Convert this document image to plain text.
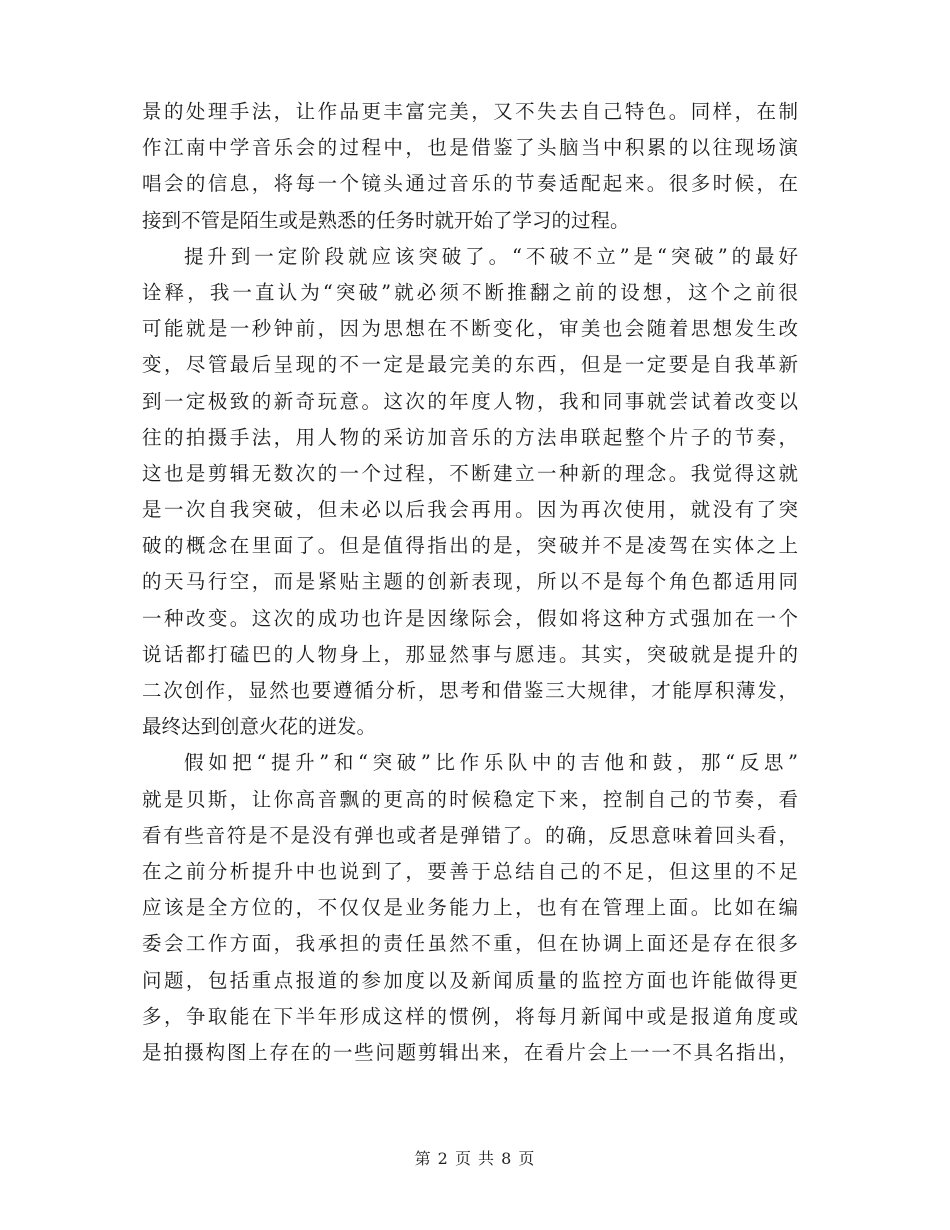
景的处理手法，让作品更丰富完美，又不失去自己特色。同样，在制
作江南中学音乐会的过程中，也是借鉴了头脑当中积累的以往现场演
唱会的信息，将每一个镜头通过音乐的节奏适配起来。很多时候，在
接到不管是陌生或是熟悉的任务时就开始了学习的过程。
提升到一定阶段就应该突破了。“不破不立”是“突破”的最好
诠释，我一直认为“突破”就必须不断推翻之前的设想，这个之前很
可能就是一秒钟前，因为思想在不断变化，审美也会随着思想发生改
变，尽管最后呈现的不一定是最完美的东西，但是一定要是自我革新
到一定极致的新奇玩意。这次的年度人物，我和同事就尝试着改变以
往的拍摄手法，用人物的采访加音乐的方法串联起整个片子的节奏，
这也是剪辑无数次的一个过程，不断建立一种新的理念。我觉得这就
是一次自我突破，但未必以后我会再用。因为再次使用，就没有了突
破的概念在里面了。但是值得指出的是，突破并不是凌驾在实体之上
的天马行空，而是紧贴主题的创新表现，所以不是每个角色都适用同
一种改变。这次的成功也许是因缘际会，假如将这种方式强加在一个
说话都打磕巴的人物身上，那显然事与愿违。其实，突破就是提升的
二次创作，显然也要遵循分析，思考和借鉴三大规律，才能厚积薄发，
最终达到创意火花的迸发。
假如把“提升”和“突破”比作乐队中的吉他和鼓，那“反思”
就是贝斯，让你高音飘的更高的时候稳定下来，控制自己的节奏，看
看有些音符是不是没有弹也或者是弹错了。的确，反思意味着回头看，
在之前分析提升中也说到了，要善于总结自己的不足，但这里的不足
应该是全方位的，不仅仅是业务能力上，也有在管理上面。比如在编
委会工作方面，我承担的责任虽然不重，但在协调上面还是存在很多
问题，包括重点报道的参加度以及新闻质量的监控方面也许能做得更
多，争取能在下半年形成这样的惯例，将每月新闻中或是报道角度或
是拍摄构图上存在的一些问题剪辑出来，在看片会上一一不具名指出，
第 2 页 共 8 页
